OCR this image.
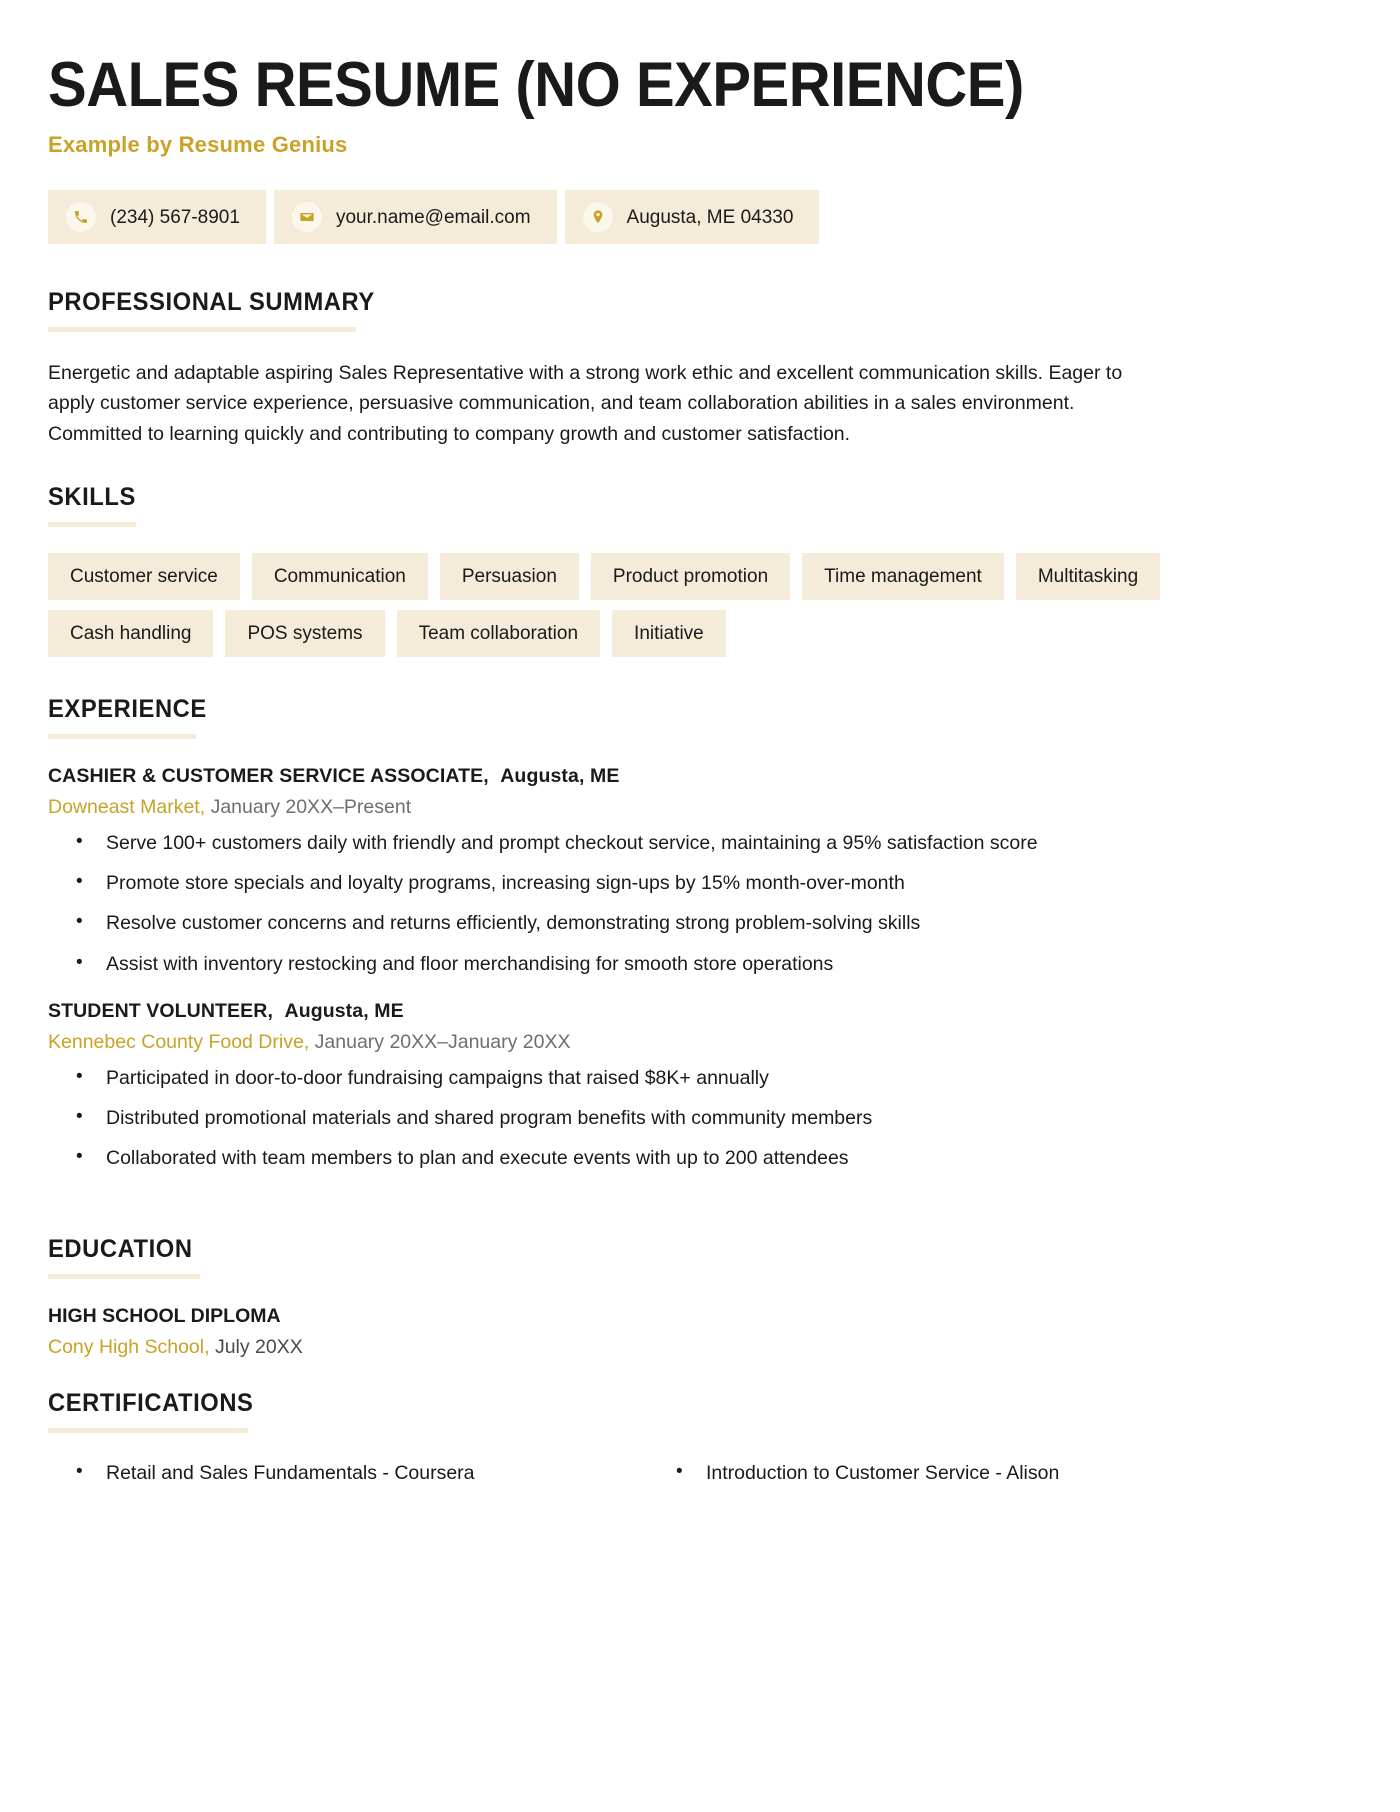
SALES RESUME (NO EXPERIENCE)
Example by Resume Genius
(234) 567-8901	your.name@email.com	Augusta, ME 04330
PROFESSIONAL SUMMARY

Energetic and adaptable aspiring Sales Representative with a strong work ethic and excellent communication skills. Eager to apply customer service experience, persuasive communication, and team collaboration abilities in a sales environment. Committed to learning quickly and contributing to company growth and customer satisfaction.

SKILLS
Customer service	Communication	Persuasion	Product promotion	Time management	Multitasking
Cash handling	POS systems	Team collaboration	Initiative
EXPERIENCE
CASHIER & CUSTOMER SERVICE ASSOCIATE, Augusta, ME
Downeast Market, January 20XX–Present
• Serve 100+ customers daily with friendly and prompt checkout service, maintaining a 95% satisfaction score
• Promote store specials and loyalty programs, increasing sign-ups by 15% month-over-month
• Resolve customer concerns and returns efficiently, demonstrating strong problem-solving skills
• Assist with inventory restocking and floor merchandising for smooth store operations
STUDENT VOLUNTEER, Augusta, ME
Kennebec County Food Drive, January 20XX–January 20XX
• Participated in door-to-door fundraising campaigns that raised $8K+ annually
• Distributed promotional materials and shared program benefits with community members
• Collaborated with team members to plan and execute events with up to 200 attendees
EDUCATION
HIGH SCHOOL DIPLOMA
Cony High School, July 20XX
CERTIFICATIONS
• Retail and Sales Fundamentals - Coursera	• Introduction to Customer Service - Alison
